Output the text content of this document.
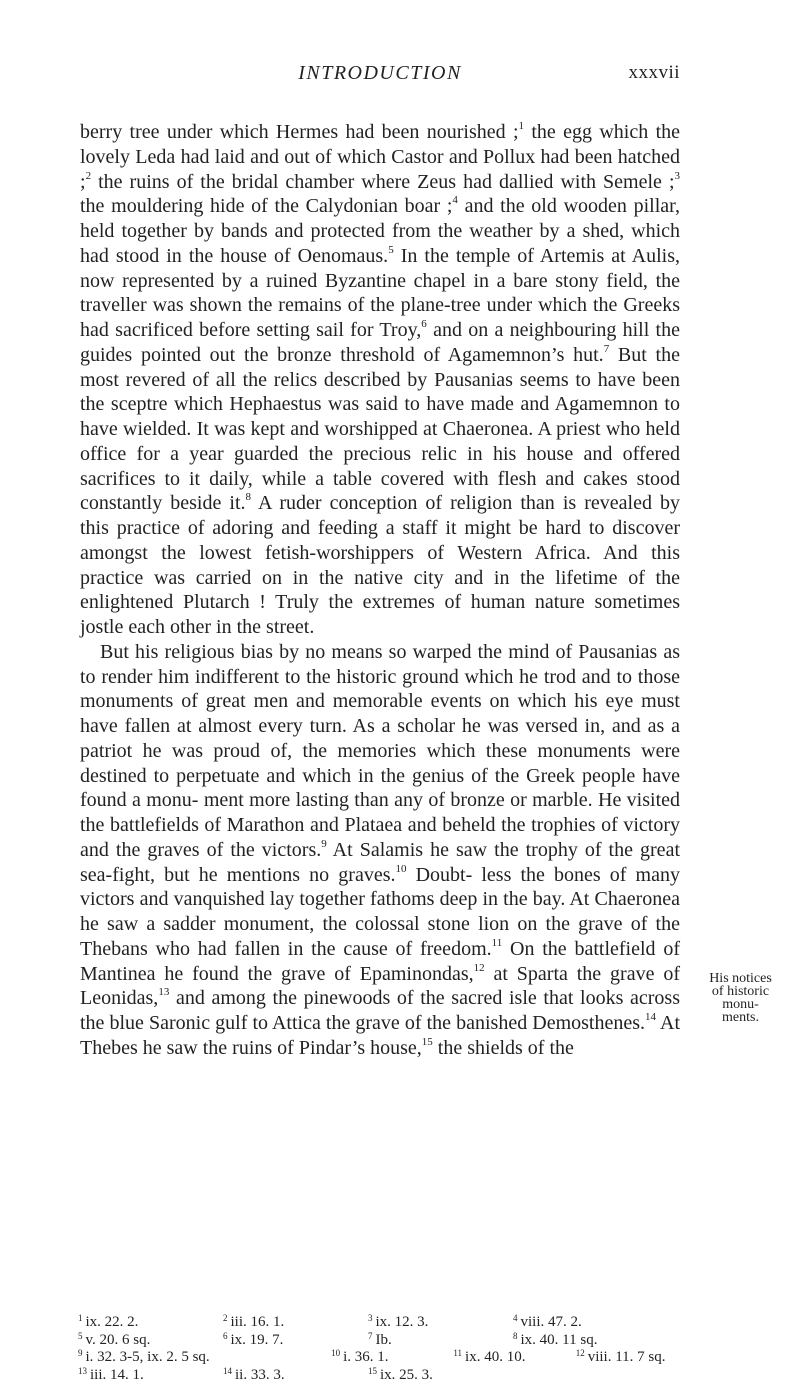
INTRODUCTION	xxxvii

berry tree under which Hermes had been nourished ;$^1$ the egg which the lovely Leda had laid and out of which Castor and Pollux had been hatched ;$^2$ the ruins of the bridal chamber where Zeus had dallied with Semele ;$^3$ the mouldering hide of the Calydonian boar ;$^4$ and the old wooden pillar, held together by bands and protected from the weather by a shed, which had stood in the house of Oenomaus.$^5$ In the temple of Artemis at Aulis, now represented by a ruined Byzantine chapel in a bare stony field, the traveller was shown the remains of the plane-tree under which the Greeks had sacrificed before setting sail for Troy,$^6$ and on a neighbouring hill the guides pointed out the bronze threshold of Agamemnon’s hut.$^7$ But the most revered of all the relics described by Pausanias seems to have been the sceptre which Hephaestus was said to have made and Agamemnon to have wielded. It was kept and worshipped at Chaeronea. A priest who held office for a year guarded the precious relic in his house and offered sacrifices to it daily, while a table covered with flesh and cakes stood constantly beside it.$^8$ A ruder conception of religion than is revealed by this practice of adoring and feeding a staff it might be hard to discover amongst the lowest fetish-worshippers of Western Africa. And this practice was carried on in the native city and in the lifetime of the enlightened Plutarch ! Truly the extremes of human nature sometimes jostle each other in the street.

But his religious bias by no means so warped the mind of Pausanias as to render him indifferent to the historic ground which he trod and to those monuments of great men and memorable events on which his eye must have fallen at almost every turn. As a scholar he was versed in, and as a patriot he was proud of, the memories which these monuments were destined to perpetuate and which in the genius of the Greek people have found a monu- ment more lasting than any of bronze or marble. He visited the battlefields of Marathon and Plataea and beheld the trophies of victory and the graves of the victors.$^9$ At Salamis he saw the trophy of the great sea-fight, but he mentions no graves.$^{10}$ Doubt- less the bones of many victors and vanquished lay together fathoms deep in the bay. At Chaeronea he saw a sadder monument, the colossal stone lion on the grave of the Thebans who had fallen in the cause of freedom.$^{11}$ On the battlefield of Mantinea he found the grave of Epaminondas,$^{12}$ at Sparta the grave of Leonidas,$^{13}$ and among the pinewoods of the sacred isle that looks across the blue Saronic gulf to Attica the grave of the banished Demosthenes.$^{14}$ At Thebes he saw the ruins of Pindar’s house,$^{15}$ the shields of the

His notices
of historic
monu-
ments.
$^1$ ix. 22. 2.	$^2$ iii. 16. 1.	$^3$ ix. 12. 3.	$^4$ viii. 47. 2.
$^5$ v. 20. 6 sq.	$^6$ ix. 19. 7.	$^7$ Ib.	$^8$ ix. 40. 11 sq.
$^9$ i. 32. 3-5, ix. 2. 5 sq.	$^{10}$ i. 36. 1.	$^{11}$ ix. 40. 10.	$^{12}$ viii. 11. 7 sq.
$^{13}$ iii. 14. 1.	$^{14}$ ii. 33. 3.	$^{15}$ ix. 25. 3.
